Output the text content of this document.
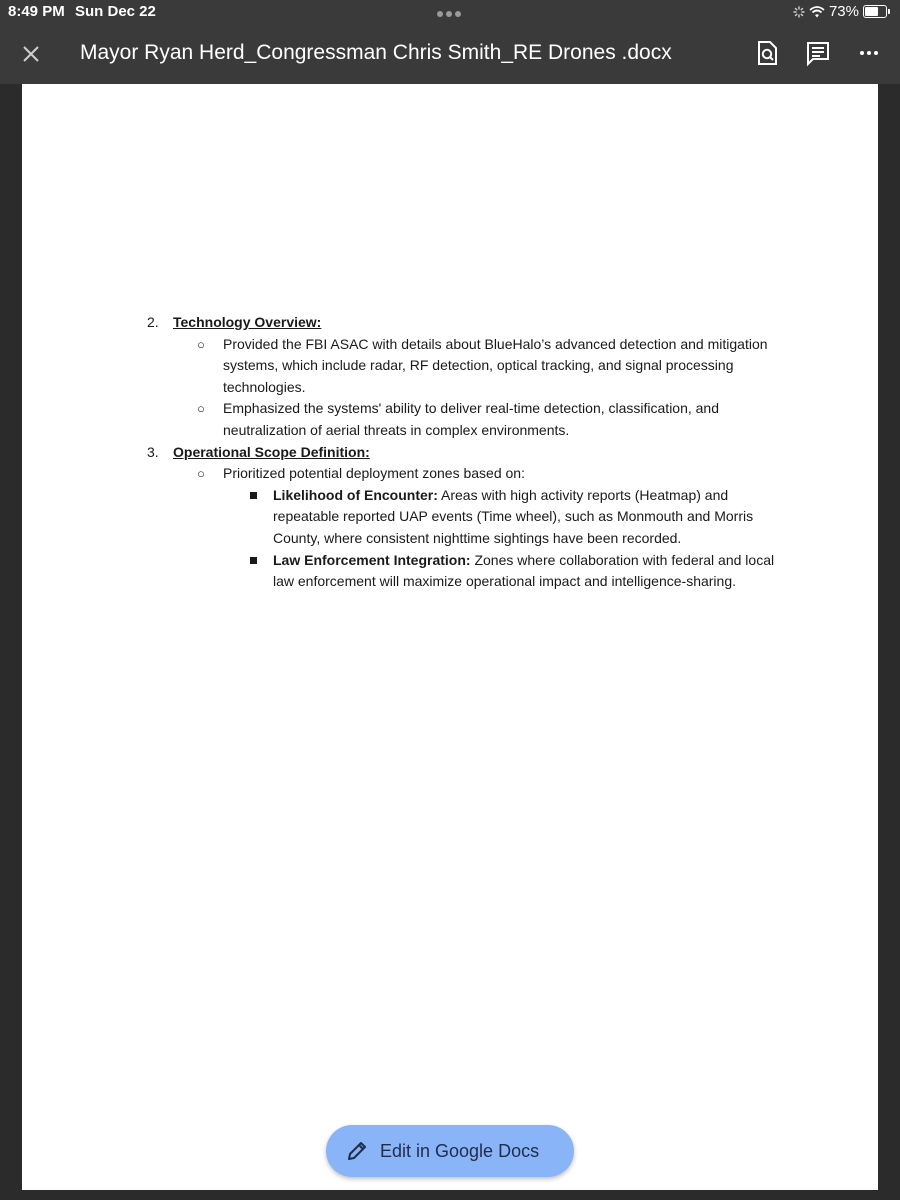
8:49 PM Sun Dec 22	73%
Mayor Ryan Herd_Congressman Chris Smith_RE Drones .docx
2. Technology Overview:
○ Provided the FBI ASAC with details about BlueHalo’s advanced detection and mitigation
systems, which include radar, RF detection, optical tracking, and signal processing
technologies.
○ Emphasized the systems' ability to deliver real-time detection, classification, and
neutralization of aerial threats in complex environments.
3. Operational Scope Definition:
○ Prioritized potential deployment zones based on:
Likelihood of Encounter: Areas with high activity reports (Heatmap) and
repeatable reported UAP events (Time wheel), such as Monmouth and Morris
County, where consistent nighttime sightings have been recorded.
Law Enforcement Integration: Zones where collaboration with federal and local
law enforcement will maximize operational impact and intelligence-sharing.
Edit in Google Docs
